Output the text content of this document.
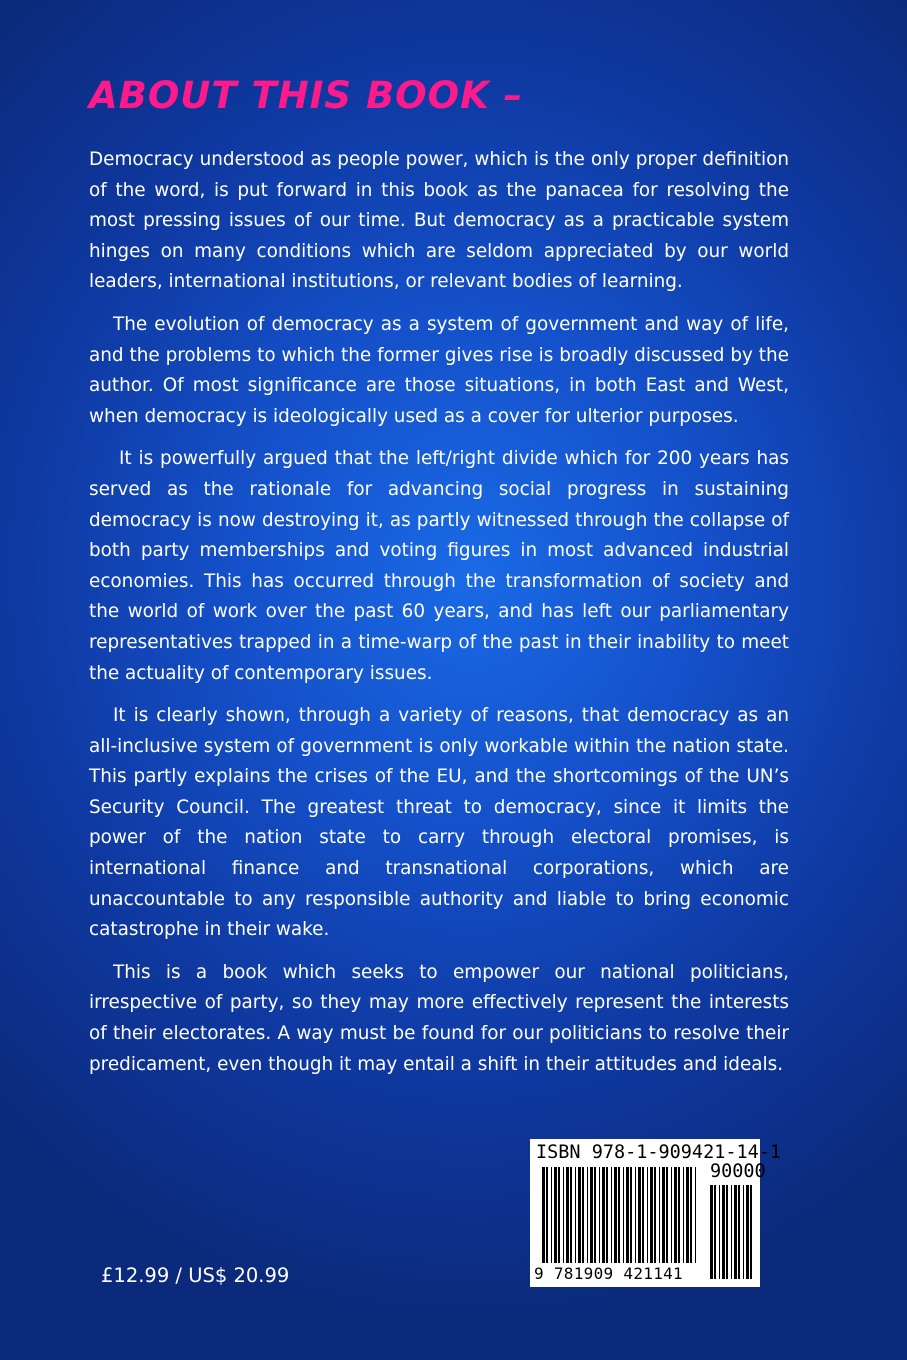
ABOUT THIS BOOK –

Democracy understood as people power, which is the only proper definition of the word, is put forward in this book as the panacea for resolving the most pressing issues of our time. But democracy as a practicable system hinges on many conditions which are seldom appreciated by our world leaders, international institutions, or relevant bodies of learning.

The evolution of democracy as a system of government and way of life, and the problems to which the former gives rise is broadly discussed by the author. Of most significance are those situations, in both East and West, when democracy is ideologically used as a cover for ulterior purposes.

It is powerfully argued that the left/right divide which for 200 years has served as the rationale for advancing social progress in sustaining democracy is now destroying it, as partly witnessed through the collapse of both party memberships and voting figures in most advanced industrial economies. This has occurred through the transformation of society and the world of work over the past 60 years, and has left our parliamentary representatives trapped in a time-warp of the past in their inability to meet the actuality of contemporary issues.

It is clearly shown, through a variety of reasons, that democracy as an all-inclusive system of government is only workable within the nation state. This partly explains the crises of the EU, and the shortcomings of the UN’s Security Council. The greatest threat to democracy, since it limits the power of the nation state to carry through electoral promises, is international finance and transnational corporations, which are unaccountable to any responsible authority and liable to bring economic catastrophe in their wake.

This is a book which seeks to empower our national politicians, irrespective of party, so they may more effectively represent the interests of their electorates. A way must be found for our politicians to resolve their predicament, even though it may entail a shift in their attitudes and ideals.

£12.99 / US$ 20.99
ISBN 978-1-909421-14-1
90000
9 781909 421141
